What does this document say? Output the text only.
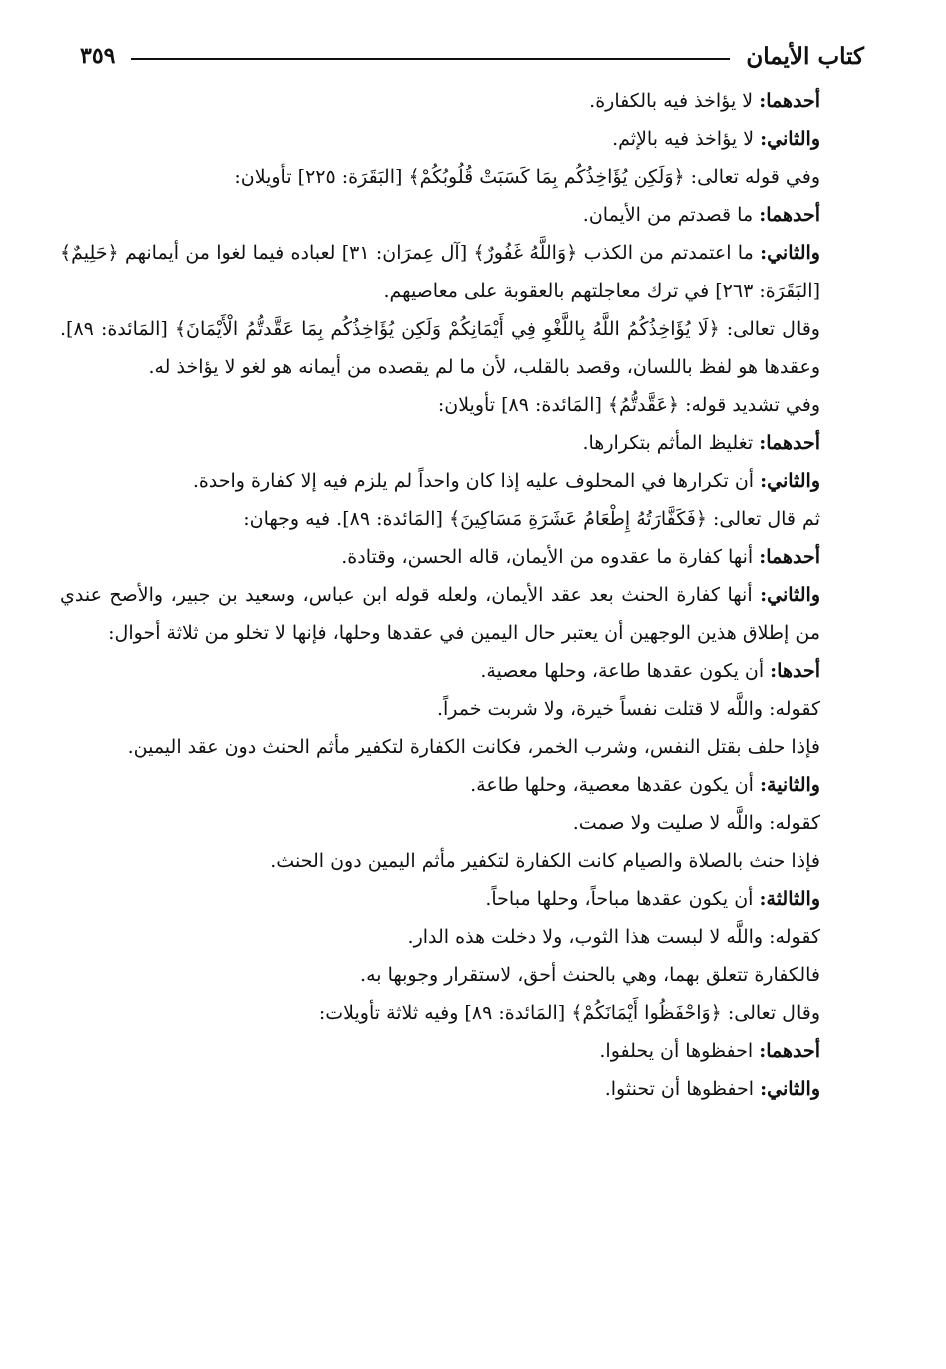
كتاب الأيمان
٣٥٩

أحدهما: لا يؤاخذ فيه بالكفارة.

والثاني: لا يؤاخذ فيه بالإثم.

وفي قوله تعالى: ﴿وَلَكِن يُؤَاخِذُكُم بِمَا كَسَبَتْ قُلُوبُكُمْ﴾ [البَقَرَة: ٢٢٥] تأويلان:

أحدهما: ما قصدتم من الأيمان.

والثاني: ما اعتمدتم من الكذب ﴿وَاللَّهُ غَفُورٌ﴾ [آل عِمرَان: ٣١] لعباده فيما لغوا من أيمانهم ﴿حَلِيمٌ﴾ [البَقَرَة: ٢٦٣] في ترك معاجلتهم بالعقوبة على معاصيهم.

وقال تعالى: ﴿لَا يُؤَاخِذُكُمُ اللَّهُ بِاللَّغْوِ فِي أَيْمَانِكُمْ وَلَكِن يُؤَاخِذُكُم بِمَا عَقَّدتُّمُ الْأَيْمَانَ﴾ [المَائدة: ٨٩]. وعقدها هو لفظ باللسان، وقصد بالقلب، لأن ما لم يقصده من أيمانه هو لغو لا يؤاخذ له.

وفي تشديد قوله: ﴿عَقَّدتُّمُ﴾ [المَائدة: ٨٩] تأويلان:

أحدهما: تغليظ المأثم بتكرارها.

والثاني: أن تكرارها في المحلوف عليه إذا كان واحداً لم يلزم فيه إلا كفارة واحدة.

ثم قال تعالى: ﴿فَكَفَّارَتُهُ إِطْعَامُ عَشَرَةِ مَسَاكِينَ﴾ [المَائدة: ٨٩]. فيه وجهان:

أحدهما: أنها كفارة ما عقدوه من الأيمان، قاله الحسن، وقتادة.

والثاني: أنها كفارة الحنث بعد عقد الأيمان، ولعله قوله ابن عباس، وسعيد بن جبير، والأصح عندي من إطلاق هذين الوجهين أن يعتبر حال اليمين في عقدها وحلها، فإنها لا تخلو من ثلاثة أحوال:

أحدها: أن يكون عقدها طاعة، وحلها معصية.

كقوله: واللَّه لا قتلت نفساً خيرة، ولا شربت خمراً.

فإذا حلف بقتل النفس، وشرب الخمر، فكانت الكفارة لتكفير مأثم الحنث دون عقد اليمين.

والثانية: أن يكون عقدها معصية، وحلها طاعة.

كقوله: واللَّه لا صليت ولا صمت.

فإذا حنث بالصلاة والصيام كانت الكفارة لتكفير مأثم اليمين دون الحنث.

والثالثة: أن يكون عقدها مباحاً، وحلها مباحاً.

كقوله: واللَّه لا لبست هذا الثوب، ولا دخلت هذه الدار.

فالكفارة تتعلق بهما، وهي بالحنث أحق، لاستقرار وجوبها به.

وقال تعالى: ﴿وَاحْفَظُوا أَيْمَانَكُمْ﴾ [المَائدة: ٨٩] وفيه ثلاثة تأويلات:

أحدهما: احفظوها أن يحلفوا.

والثاني: احفظوها أن تحنثوا.
